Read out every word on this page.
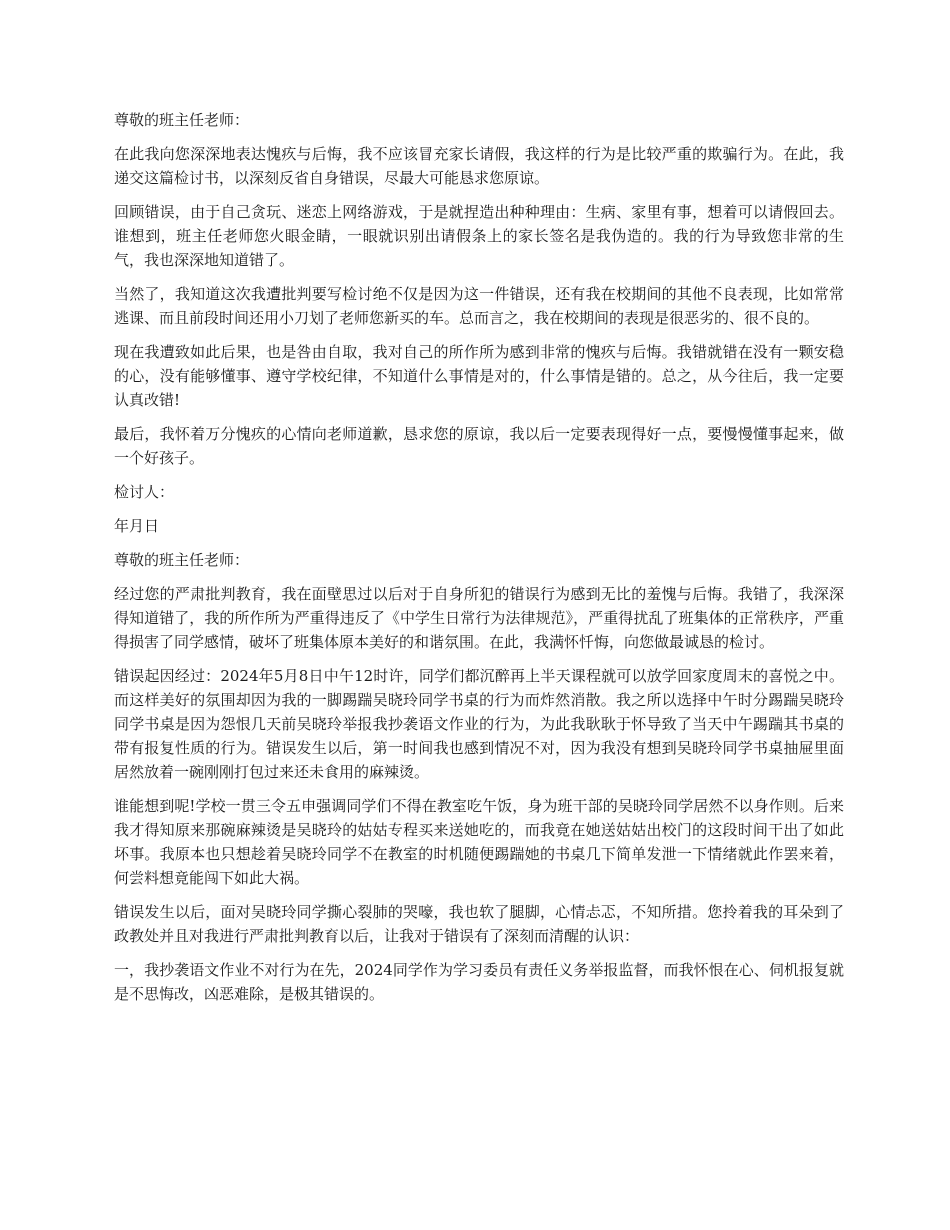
尊敬的班主任老师：

在此我向您深深地表达愧疚与后悔，我不应该冒充家长请假，我这样的行为是比较严重的欺骗行为。在此，我递交这篇检讨书，以深刻反省自身错误，尽最大可能恳求您原谅。

回顾错误，由于自己贪玩、迷恋上网络游戏，于是就捏造出种种理由：生病、家里有事，想着可以请假回去。谁想到，班主任老师您火眼金睛，一眼就识别出请假条上的家长签名是我伪造的。我的行为导致您非常的生气，我也深深地知道错了。

当然了，我知道这次我遭批判要写检讨绝不仅是因为这一件错误，还有我在校期间的其他不良表现，比如常常逃课、而且前段时间还用小刀划了老师您新买的车。总而言之，我在校期间的表现是很恶劣的、很不良的。

现在我遭致如此后果，也是咎由自取，我对自己的所作所为感到非常的愧疚与后悔。我错就错在没有一颗安稳的心，没有能够懂事、遵守学校纪律，不知道什么事情是对的，什么事情是错的。总之，从今往后，我一定要认真改错!

最后，我怀着万分愧疚的心情向老师道歉，恳求您的原谅，我以后一定要表现得好一点，要慢慢懂事起来，做一个好孩子。

检讨人：

年月日

尊敬的班主任老师：

经过您的严肃批判教育，我在面壁思过以后对于自身所犯的错误行为感到无比的羞愧与后悔。我错了，我深深得知道错了，我的所作所为严重得违反了《中学生日常行为法律规范》，严重得扰乱了班集体的正常秩序，严重得损害了同学感情，破坏了班集体原本美好的和谐氛围。在此，我满怀忏悔，向您做最诚恳的检讨。

错误起因经过：2024年5月8日中午12时许，同学们都沉醉再上半天课程就可以放学回家度周末的喜悦之中。而这样美好的氛围却因为我的一脚踢踹吴晓玲同学书桌的行为而炸然消散。我之所以选择中午时分踢踹吴晓玲同学书桌是因为怨恨几天前吴晓玲举报我抄袭语文作业的行为，为此我耿耿于怀导致了当天中午踢踹其书桌的带有报复性质的行为。错误发生以后，第一时间我也感到情况不对，因为我没有想到吴晓玲同学书桌抽屉里面居然放着一碗刚刚打包过来还未食用的麻辣烫。

谁能想到呢!学校一贯三令五申强调同学们不得在教室吃午饭，身为班干部的吴晓玲同学居然不以身作则。后来我才得知原来那碗麻辣烫是吴晓玲的姑姑专程买来送她吃的，而我竟在她送姑姑出校门的这段时间干出了如此坏事。我原本也只想趁着吴晓玲同学不在教室的时机随便踢踹她的书桌几下简单发泄一下情绪就此作罢来着，何尝料想竟能闯下如此大祸。

错误发生以后，面对吴晓玲同学撕心裂肺的哭嚎，我也软了腿脚，心情忐忑，不知所措。您拎着我的耳朵到了政教处并且对我进行严肃批判教育以后，让我对于错误有了深刻而清醒的认识：

一，我抄袭语文作业不对行为在先，2024同学作为学习委员有责任义务举报监督，而我怀恨在心、伺机报复就是不思悔改，凶恶难除，是极其错误的。
